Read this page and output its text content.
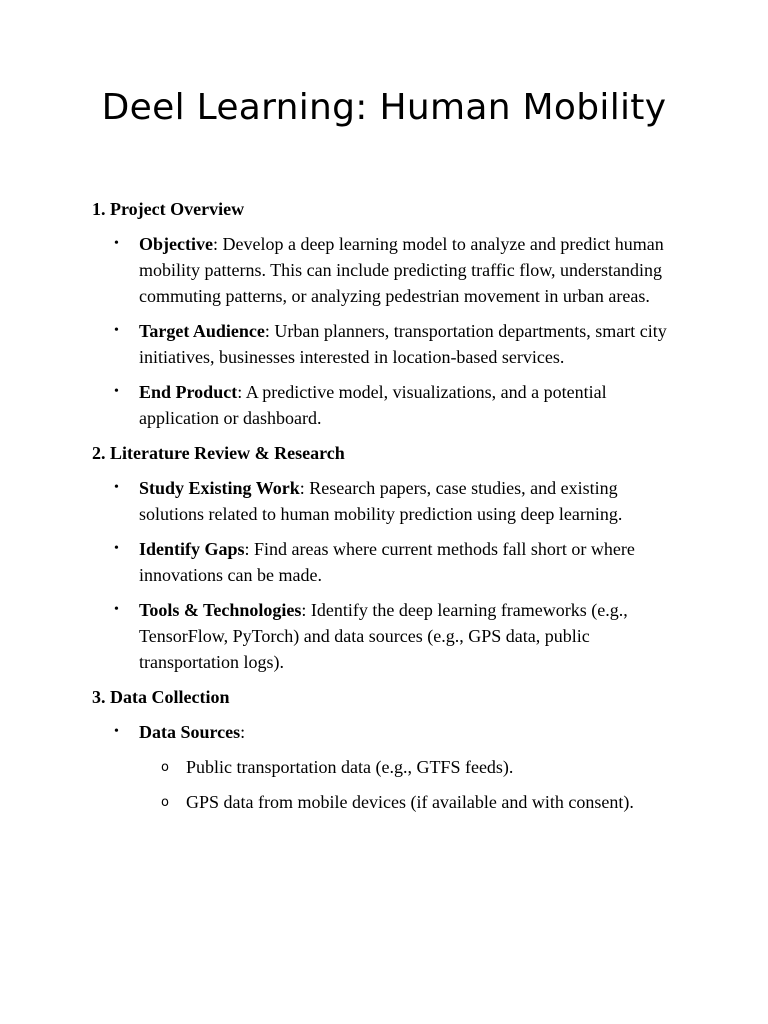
Deel Learning: Human Mobility
1. Project Overview
• Objective: Develop a deep learning model to analyze and predict human mobility patterns. This can include predicting traffic flow, understanding commuting patterns, or analyzing pedestrian movement in urban areas.
• Target Audience: Urban planners, transportation departments, smart city initiatives, businesses interested in location-based services.
• End Product: A predictive model, visualizations, and a potential application or dashboard.
2. Literature Review & Research
• Study Existing Work: Research papers, case studies, and existing solutions related to human mobility prediction using deep learning.
• Identify Gaps: Find areas where current methods fall short or where innovations can be made.
• Tools & Technologies: Identify the deep learning frameworks (e.g., TensorFlow, PyTorch) and data sources (e.g., GPS data, public transportation logs).
3. Data Collection
• Data Sources:
o Public transportation data (e.g., GTFS feeds).
o GPS data from mobile devices (if available and with consent).
